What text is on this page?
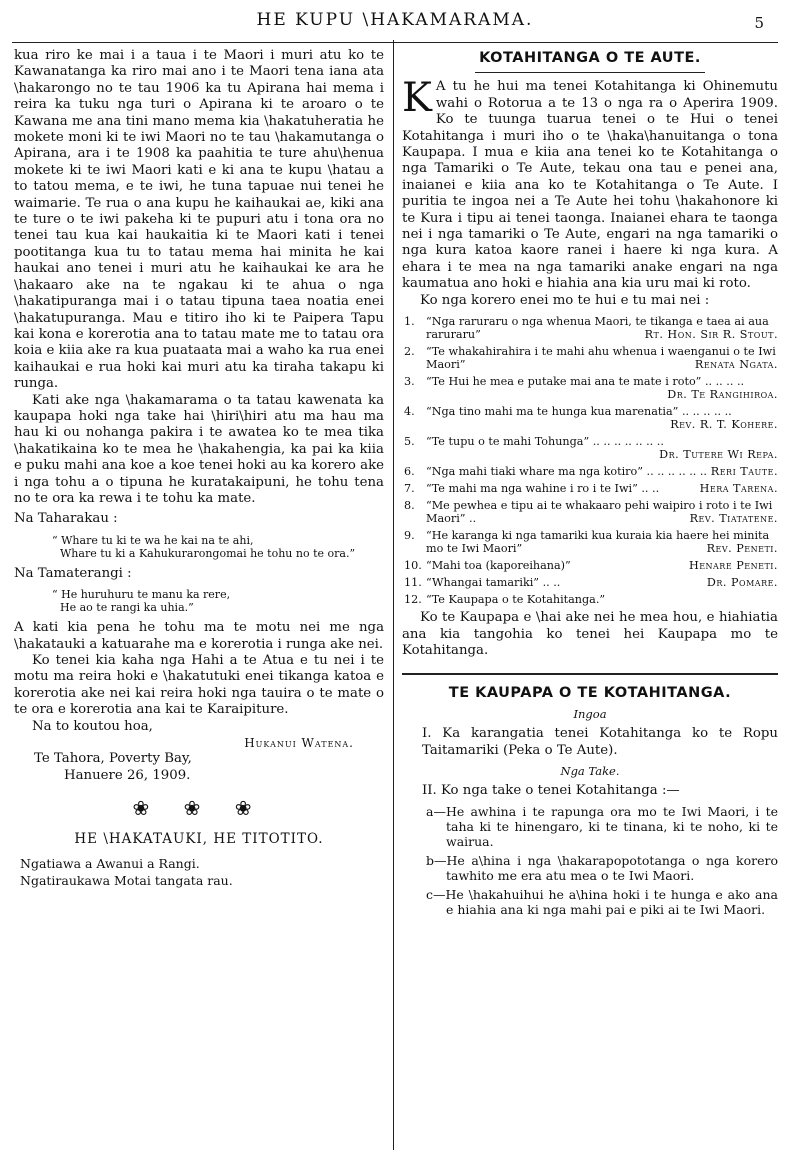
HE KUPU \HAKAMARAMA.	5

kua riro ke mai i a taua i te Maori i muri atu ko te Kawanatanga ka riro mai ano i te Maori tena iana ata \hakarongo no te tau 1906 ka tu Apirana hai mema i reira ka tuku nga turi o Apirana ki te aroaro o te Kawana me ana tini mano mema kia \hakatuheratia he mokete moni ki te iwi Maori no te tau \hakamutanga o Apirana, ara i te 1908 ka paahitia te ture ahu\henua mokete ki te iwi Maori kati e ki ana te kupu \hatau a to tatou mema, e te iwi, he tuna tapuae nui tenei he waimarie. Te rua o ana kupu he kaihaukai ae, kiki ana te ture o te iwi pakeha ki te pupuri atu i tona ora no tenei tau kua kai haukaitia ki te Maori kati i tenei pootitanga kua tu to tatau mema hai minita he kai haukai ano tenei i muri atu he kaihaukai ke ara he \hakaaro ake na te ngakau ki te ahua o nga \hakatipuranga mai i o tatau tipuna taea noatia enei \hakatupuranga. Mau e titiro iho ki te Paipera Tapu kai kona e korerotia ana to tatau mate me to tatau ora koia e kiia ake ra kua puataata mai a waho ka rua enei kaihaukai e rua hoki kai muri atu ka tiraha takapu ki runga.

Kati ake nga \hakamarama o ta tatau kawenata ka kaupapa hoki nga take hai \hiri\hiri atu ma hau ma hau ki ou nohanga pakira i te awatea ko te mea tika \hakatikaina ko te mea he \hakahengia, ka pai ka kiia e puku mahi ana koe a koe tenei hoki au ka korero ake i nga tohu a o tipuna he kuratakaipuni, he tohu tena no te ora ka rewa i te tohu ka mate.

Na Taharakau :

“ Whare tu ki te wa he kai na te ahi,
Whare tu ki a Kahukurarongomai he tohu no te ora.”

Na Tamaterangi :

“ He huruhuru te manu ka rere,
He ao te rangi ka uhia.”

A kati kia pena he tohu ma te motu nei me nga \hakatauki a katuarahe ma e korerotia i runga ake nei.

Ko tenei kia kaha nga Hahi a te Atua e tu nei i te motu ma reira hoki e \hakatutuki enei tikanga katoa e korerotia ake nei kai reira hoki nga tauira o te mate o te ora e korerotia ana kai te Karaipiture.

Na to koutou hoa,

Hukanui Watena.

Te Tahora, Poverty Bay,

Hanuere 26, 1909.

❀ ❀ ❀
HE \HAKATAUKI, HE TITOTITO.

Ngatiawa a Awanui a Rangi.

Ngatiraukawa Motai tangata rau.

KOTAHITANGA O TE AUTE.
K A tu he hui ma tenei Kotahitanga ki Ohinemutu wahi o Rotorua a te 13 o nga ra o Aperira 1909. Ko te tuunga tuarua tenei o te Hui o tenei Kotahitanga i muri iho o te \haka\hanuitanga o tona Kaupapa. I mua e kiia ana tenei ko te Kotahitanga o nga Tamariki o Te Aute, tekau ona tau e penei ana, inaianei e kiia ana ko te Kotahitanga o Te Aute. I puritia te ingoa nei a Te Aute hei tohu \hakahonore ki te Kura i tipu ai tenei taonga. Inaianei ehara te taonga nei i nga tamariki o Te Aute, engari na nga tamariki o nga kura katoa kaore ranei i haere ki nga kura. A ehara i te mea na nga tamariki anake engari na nga kaumatua ano hoki e hiahia ana kia uru mai ki roto.

Ko nga korero enei mo te hui e tu mai nei :

1. “Nga raruraru o nga whenua Maori, te tikanga e taea ai aua raruraru”	Rt. Hon. Sir R. Stout.
2. “Te whakahirahira i te mahi ahu whenua i waenganui o te Iwi Maori”	Renata Ngata.
3. “Te Hui he mea e putake mai ana te mate i roto” .. .. .. ..
Dr. Te Rangihiroa.
4. “Nga tino mahi ma te hunga kua marenatia” .. .. .. .. ..
Rev. R. T. Kohere.
5. “Te tupu o te mahi Tohunga” .. .. .. .. .. .. ..
Dr. Tutere Wi Repa.
6. “Nga mahi tiaki whare ma nga kotiro” .. .. .. .. .. .. Reri Taute.
7. “Te mahi ma nga wahine i ro i te Iwi” .. ..	Hera Tarena.
8. “Me pewhea e tipu ai te whakaaro pehi waipiro i roto i te Iwi Maori” ..	Rev. Tiatatene.
9. “He karanga ki nga tamariki kua kuraia kia haere hei minita mo te Iwi Maori”	Rev. Peneti.
10. “Mahi toa (kaporeihana)”	Henare Peneti.
11. “Whangai tamariki” .. ..	Dr. Pomare.
12. “Te Kaupapa o te Kotahitanga.”

Ko te Kaupapa e \hai ake nei he mea hou, e hiahiatia ana kia tangohia ko tenei hei Kaupapa mo te Kotahitanga.

TE KAUPAPA O TE KOTAHITANGA.
Ingoa

I. Ka karangatia tenei Kotahitanga ko te Ropu Taitamariki (Peka o Te Aute).

Nga Take.

II. Ko nga take o tenei Kotahitanga :—

a—He awhina i te rapunga ora mo te Iwi Maori, i te taha ki te hinengaro, ki te tinana, ki te noho, ki te wairua.

b—He a\hina i nga \hakarapopototanga o nga korero tawhito me era atu mea o te Iwi Maori.

c—He \hakahuihui he a\hina hoki i te hunga e ako ana e hiahia ana ki nga mahi pai e piki ai te Iwi Maori.
